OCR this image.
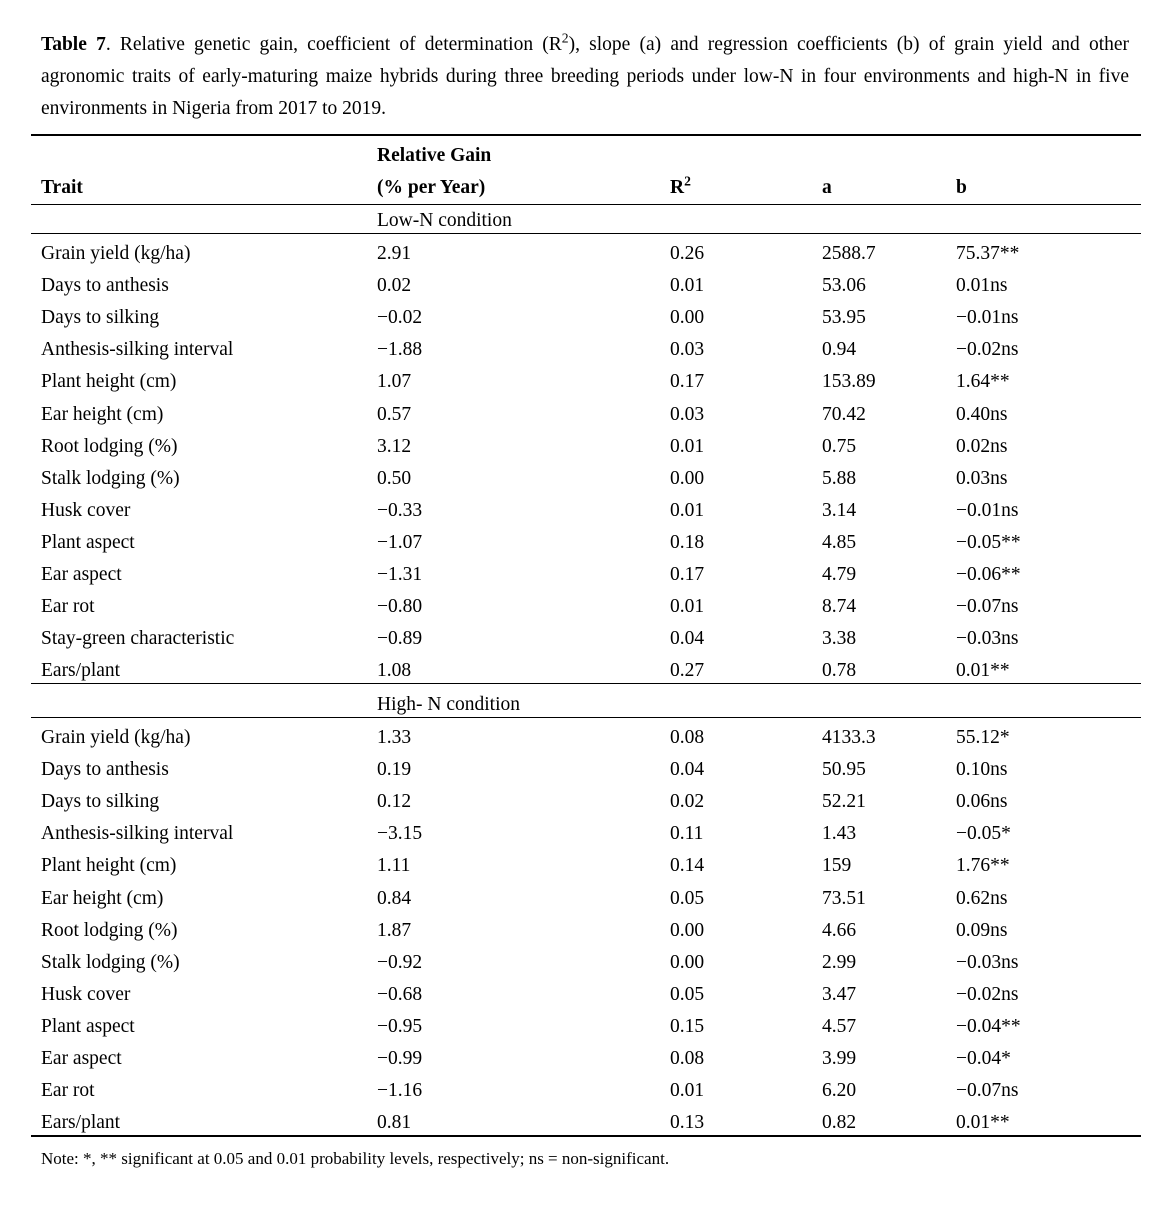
Table 7. Relative genetic gain, coefficient of determination $(R^2)$, slope (a) and regression coefficients (b) of grain yield and other agronomic traits of early-maturing maize hybrids during three breeding periods under low-N in four environments and high-N in five environments in Nigeria from 2017 to 2019.
Relative Gain
Trait	(% per Year)	$R^2$	a	b
Low-N condition
Grain yield (kg/ha)	2.91	0.26	2588.7	75.37**
Days to anthesis	0.02	0.01	53.06	0.01ns
Days to silking	−0.02	0.00	53.95	−0.01ns
Anthesis-silking interval	−1.88	0.03	0.94	−0.02ns
Plant height (cm)	1.07	0.17	153.89	1.64**
Ear height (cm)	0.57	0.03	70.42	0.40ns
Root lodging (%)	3.12	0.01	0.75	0.02ns
Stalk lodging (%)	0.50	0.00	5.88	0.03ns
Husk cover	−0.33	0.01	3.14	−0.01ns
Plant aspect	−1.07	0.18	4.85	−0.05**
Ear aspect	−1.31	0.17	4.79	−0.06**
Ear rot	−0.80	0.01	8.74	−0.07ns
Stay-green characteristic	−0.89	0.04	3.38	−0.03ns
Ears/plant	1.08	0.27	0.78	0.01**
High- N condition
Grain yield (kg/ha)	1.33	0.08	4133.3	55.12*
Days to anthesis	0.19	0.04	50.95	0.10ns
Days to silking	0.12	0.02	52.21	0.06ns
Anthesis-silking interval	−3.15	0.11	1.43	−0.05*
Plant height (cm)	1.11	0.14	159	1.76**
Ear height (cm)	0.84	0.05	73.51	0.62ns
Root lodging (%)	1.87	0.00	4.66	0.09ns
Stalk lodging (%)	−0.92	0.00	2.99	−0.03ns
Husk cover	−0.68	0.05	3.47	−0.02ns
Plant aspect	−0.95	0.15	4.57	−0.04**
Ear aspect	−0.99	0.08	3.99	−0.04*
Ear rot	−1.16	0.01	6.20	−0.07ns
Ears/plant	0.81	0.13	0.82	0.01**
Note: *, ** significant at 0.05 and 0.01 probability levels, respectively; ns = non-significant.
